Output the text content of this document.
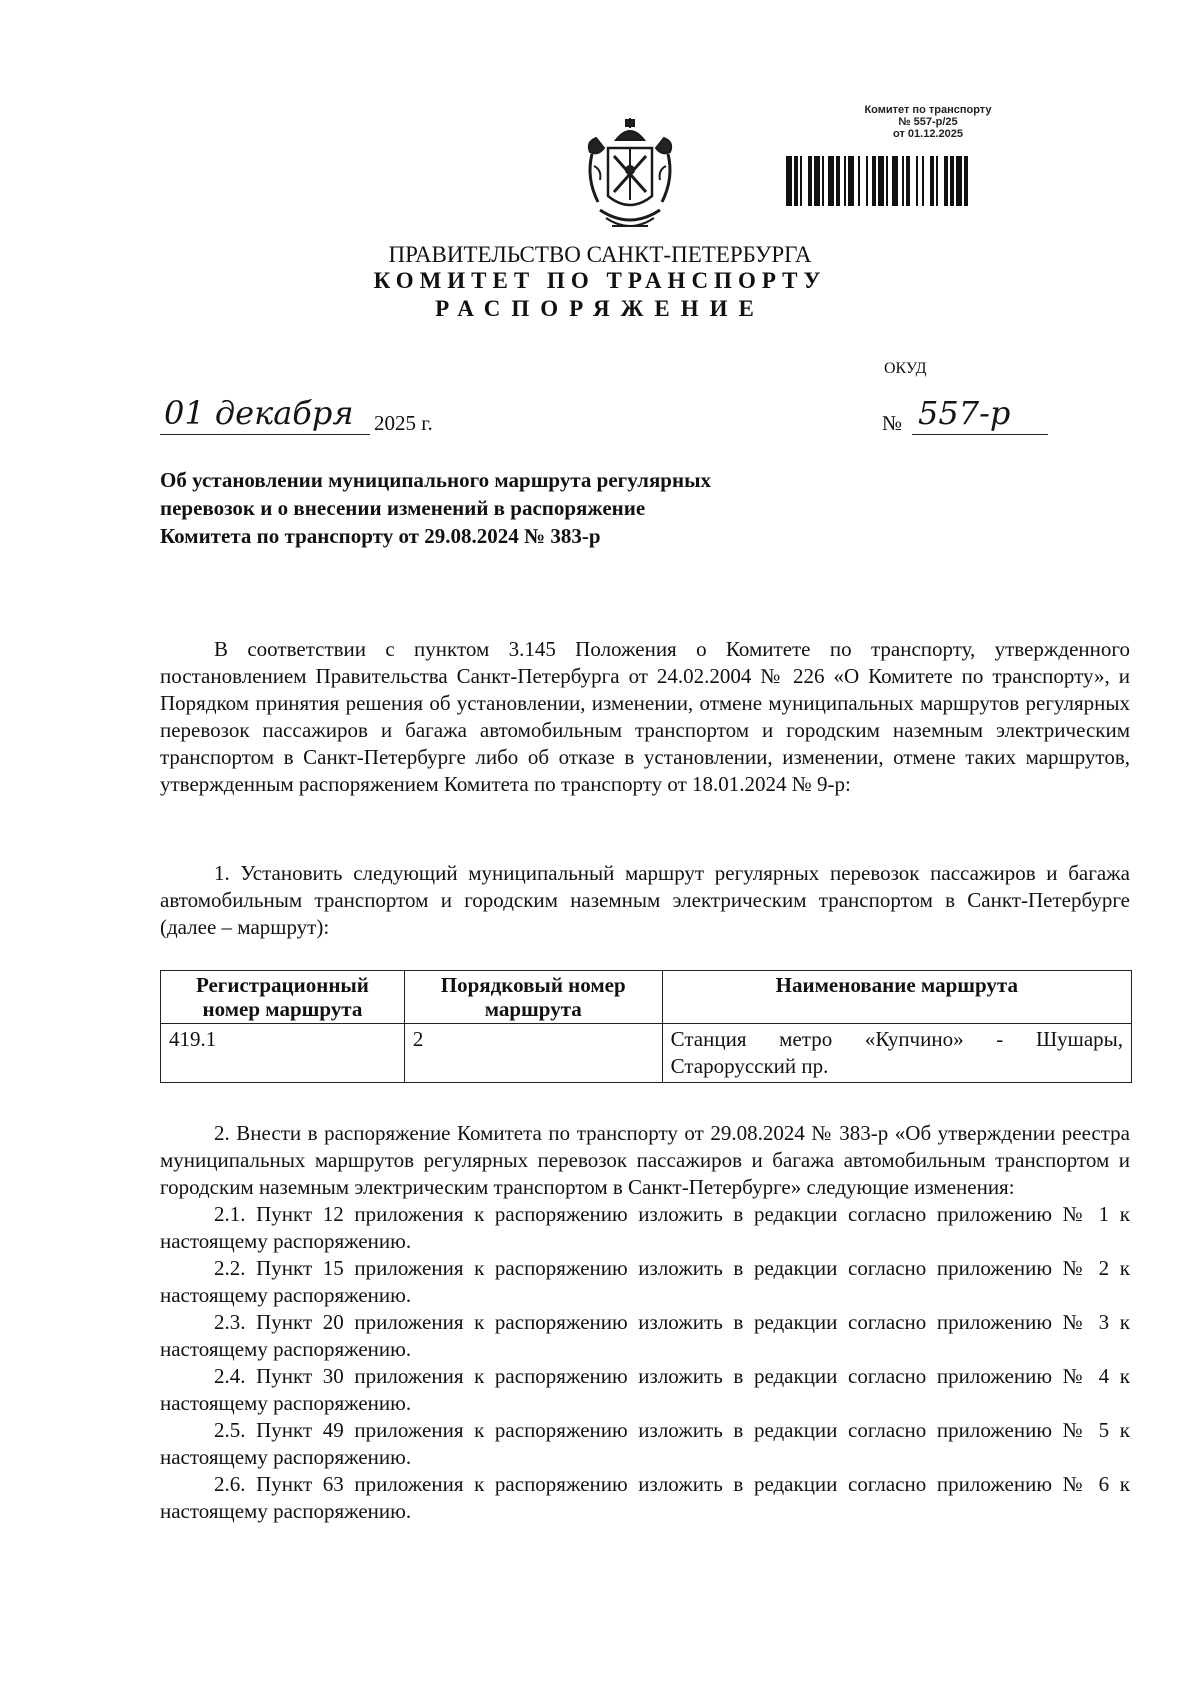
Комитет по транспорту
№ 557-р/25
от 01.12.2025
ПРАВИТЕЛЬСТВО САНКТ-ПЕТЕРБУРГА
КОМИТЕТ ПО ТРАНСПОРТУ
РАСПОРЯЖЕНИЕ
ОКУД
01 декабря 2025 г.	№ 557-р
Об установлении муниципального маршрута регулярных перевозок и о внесении изменений в распоряжение Комитета по транспорту от 29.08.2024 № 383-р
В соответствии с пунктом 3.145 Положения о Комитете по транспорту, утвержденного постановлением Правительства Санкт-Петербурга от 24.02.2004 № 226 «О Комитете по транспорту», и Порядком принятия решения об установлении, изменении, отмене муниципальных маршрутов регулярных перевозок пассажиров и багажа автомобильным транспортом и городским наземным электрическим транспортом в Санкт-Петербурге либо об отказе в установлении, изменении, отмене таких маршрутов, утвержденным распоряжением Комитета по транспорту от 18.01.2024 № 9-р:
1. Установить следующий муниципальный маршрут регулярных перевозок пассажиров и багажа автомобильным транспортом и городским наземным электрическим транспортом в Санкт-Петербурге (далее – маршрут):
Регистрационный номер маршрута	Порядковый номер маршрута	Наименование маршрута
419.1	2	Станция метро «Купчино» - Шушары, Старорусский пр.

2. Внести в распоряжение Комитета по транспорту от 29.08.2024 № 383-р «Об утверждении реестра муниципальных маршрутов регулярных перевозок пассажиров и багажа автомобильным транспортом и городским наземным электрическим транспортом в Санкт-Петербурге» следующие изменения:

2.1. Пункт 12 приложения к распоряжению изложить в редакции согласно приложению № 1 к настоящему распоряжению.

2.2. Пункт 15 приложения к распоряжению изложить в редакции согласно приложению № 2 к настоящему распоряжению.

2.3. Пункт 20 приложения к распоряжению изложить в редакции согласно приложению № 3 к настоящему распоряжению.

2.4. Пункт 30 приложения к распоряжению изложить в редакции согласно приложению № 4 к настоящему распоряжению.

2.5. Пункт 49 приложения к распоряжению изложить в редакции согласно приложению № 5 к настоящему распоряжению.

2.6. Пункт 63 приложения к распоряжению изложить в редакции согласно приложению № 6 к настоящему распоряжению.
